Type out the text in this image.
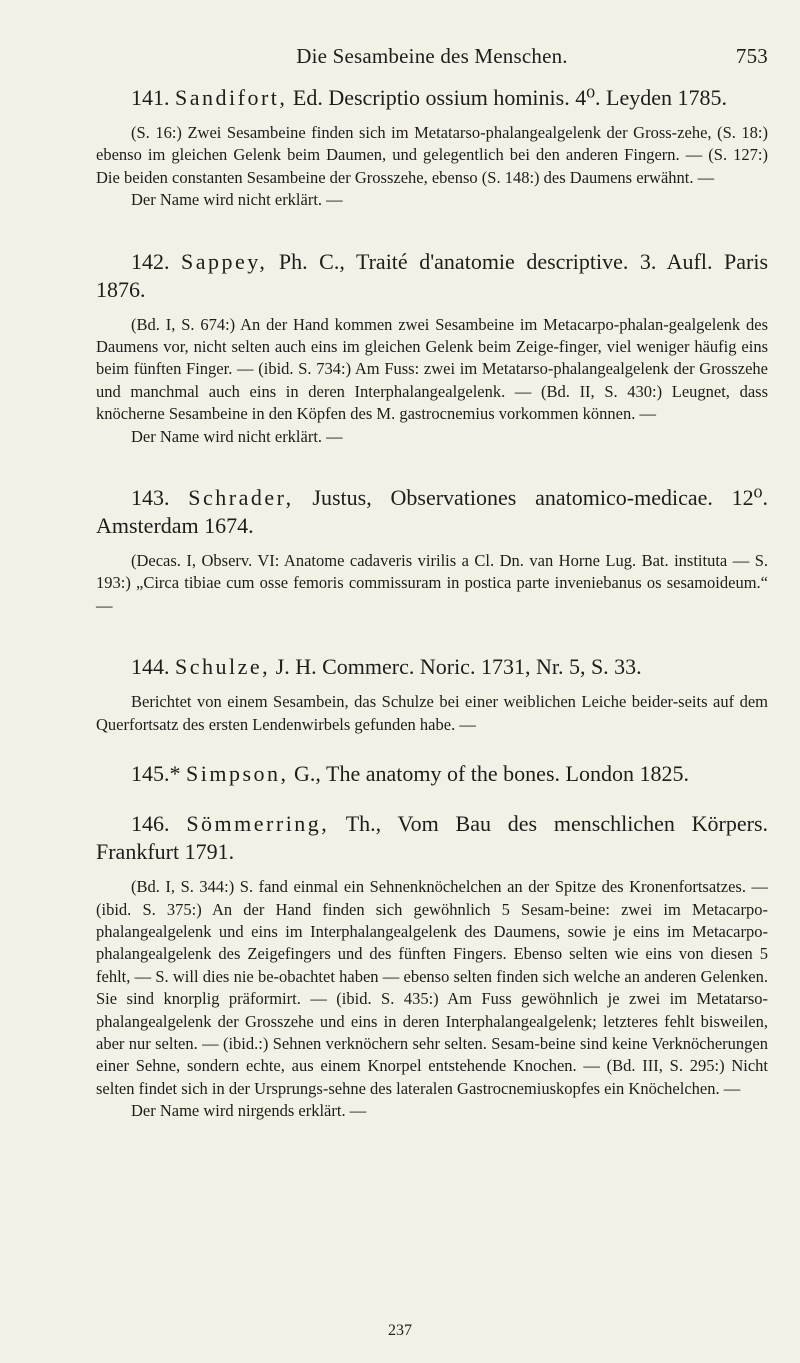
Die Sesambeine des Menschen.	753

141. Sandifort, Ed. Descriptio ossium hominis. 4⁰. Leyden 1785.

(S. 16:) Zwei Sesambeine finden sich im Metatarso-phalangealgelenk der Gross-zehe, (S. 18:) ebenso im gleichen Gelenk beim Daumen, und gelegentlich bei den anderen Fingern. — (S. 127:) Die beiden constanten Sesambeine der Grosszehe, ebenso (S. 148:) des Daumens erwähnt. —

Der Name wird nicht erklärt. —

142. Sappey, Ph. C., Traité d'anatomie descriptive. 3. Aufl. Paris 1876.

(Bd. I, S. 674:) An der Hand kommen zwei Sesambeine im Metacarpo-phalan-gealgelenk des Daumens vor, nicht selten auch eins im gleichen Gelenk beim Zeige-finger, viel weniger häufig eins beim fünften Finger. — (ibid. S. 734:) Am Fuss: zwei im Metatarso-phalangealgelenk der Grosszehe und manchmal auch eins in deren Interphalangealgelenk. — (Bd. II, S. 430:) Leugnet, dass knöcherne Sesambeine in den Köpfen des M. gastrocnemius vorkommen können. —

Der Name wird nicht erklärt. —

143. Schrader, Justus, Observationes anatomico-medicae. 12⁰. Amsterdam 1674.

(Decas. I, Observ. VI: Anatome cadaveris virilis a Cl. Dn. van Horne Lug. Bat. instituta — S. 193:) „Circa tibiae cum osse femoris commissuram in postica parte inveniebanus os sesamoideum.“ —

144. Schulze, J. H. Commerc. Noric. 1731, Nr. 5, S. 33.

Berichtet von einem Sesambein, das Schulze bei einer weiblichen Leiche beider-seits auf dem Querfortsatz des ersten Lendenwirbels gefunden habe. —

145.* Simpson, G., The anatomy of the bones. London 1825.

146. Sömmerring, Th., Vom Bau des menschlichen Körpers. Frankfurt 1791.

(Bd. I, S. 344:) S. fand einmal ein Sehnenknöchelchen an der Spitze des Kronenfortsatzes. — (ibid. S. 375:) An der Hand finden sich gewöhnlich 5 Sesam-beine: zwei im Metacarpo-phalangealgelenk und eins im Interphalangealgelenk des Daumens, sowie je eins im Metacarpo-phalangealgelenk des Zeigefingers und des fünften Fingers. Ebenso selten wie eins von diesen 5 fehlt, — S. will dies nie be-obachtet haben — ebenso selten finden sich welche an anderen Gelenken. Sie sind knorplig präformirt. — (ibid. S. 435:) Am Fuss gewöhnlich je zwei im Metatarso-phalangealgelenk der Grosszehe und eins in deren Interphalangealgelenk; letzteres fehlt bisweilen, aber nur selten. — (ibid.:) Sehnen verknöchern sehr selten. Sesam-beine sind keine Verknöcherungen einer Sehne, sondern echte, aus einem Knorpel entstehende Knochen. — (Bd. III, S. 295:) Nicht selten findet sich in der Ursprungs-sehne des lateralen Gastrocnemiuskopfes ein Knöchelchen. —

Der Name wird nirgends erklärt. —

237
